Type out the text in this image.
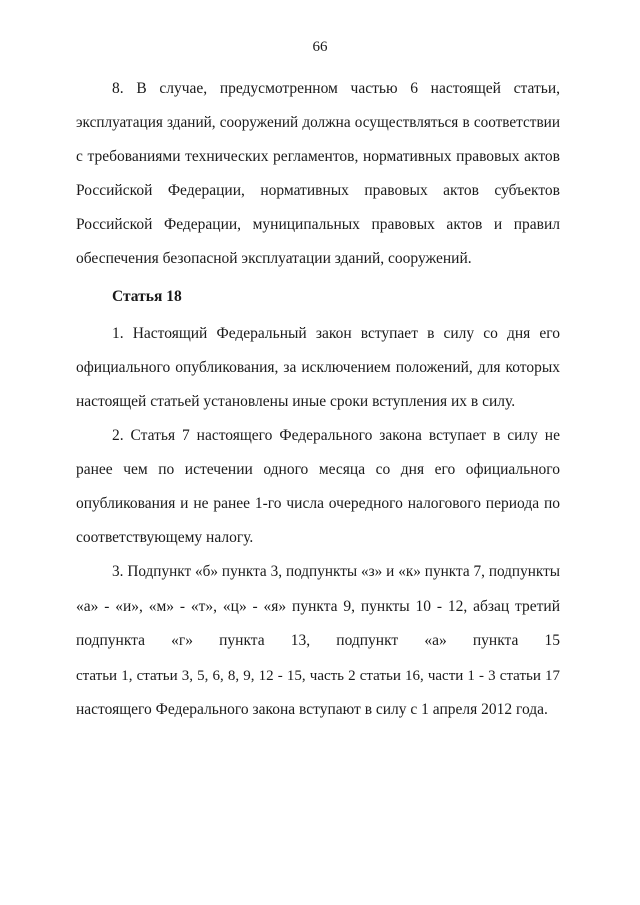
66
8. В случае, предусмотренном частью 6 настоящей статьи,
эксплуатация зданий, сооружений должна осуществляться в соответствии
с требованиями технических регламентов, нормативных правовых актов
Российской Федерации, нормативных правовых актов субъектов
Российской Федерации, муниципальных правовых актов и правил
обеспечения безопасной эксплуатации зданий, сооружений.
Статья 18
1. Настоящий Федеральный закон вступает в силу со дня его
официального опубликования, за исключением положений, для которых
настоящей статьей установлены иные сроки вступления их в силу.
2. Статья 7 настоящего Федерального закона вступает в силу не
ранее чем по истечении одного месяца со дня его официального
опубликования и не ранее 1-го числа очередного налогового периода по
соответствующему налогу.
3. Подпункт «б» пункта 3, подпункты «з» и «к» пункта 7, подпункты
«а» - «и», «м» - «т», «ц» - «я» пункта 9, пункты 10 - 12, абзац третий
подпункта «г» пункта 13, подпункт «а» пункта 15
статьи 1, статьи 3, 5, 6, 8, 9, 12 - 15, часть 2 статьи 16, части 1 - 3 статьи 17
настоящего Федерального закона вступают в силу с 1 апреля 2012 года.
